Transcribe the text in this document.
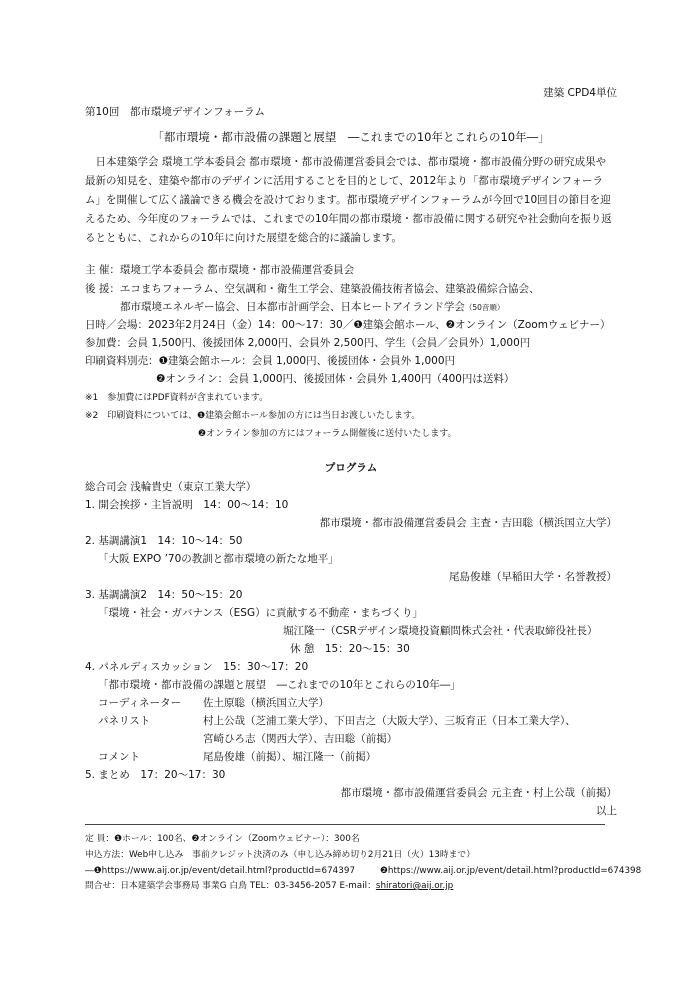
建築 CPD4単位
第10回　都市環境デザインフォーラム
「都市環境・都市設備の課題と展望　―これまでの10年とこれらの10年―」
　日本建築学会 環境工学本委員会 都市環境・都市設備運営委員会では、都市環境・都市設備分野の研究成果や
最新の知見を、建築や都市のデザインに活用することを目的として、2012年より「都市環境デザインフォーラ
ム」を開催して広く議論できる機会を設けております。都市環境デザインフォーラムが今回で10回目の節目を迎
えるため、今年度のフォーラムでは、これまでの10年間の都市環境・都市設備に関する研究や社会動向を振り返
るとともに、これからの10年に向けた展望を総合的に議論します。
主 催：環境工学本委員会 都市環境・都市設備運営委員会
後 援：エコまちフォーラム、空気調和・衛生工学会、建築設備技術者協会、建築設備綜合協会、
都市環境エネルギー協会、日本都市計画学会、日本ヒートアイランド学会（50音順）
日時／会場：2023年2月24日（金）14：00～17：30／❶建築会館ホール、❷オンライン（Zoomウェビナー）
参加費：会員 1,500円、後援団体 2,000円、会員外 2,500円、学生（会員／会員外）1,000円
印刷資料別売：❶建築会館ホール：会員 1,000円、後援団体・会員外 1,000円
❷オンライン：会員 1,000円、後援団体・会員外 1,400円（400円は送料）
※1　参加費にはPDF資料が含まれています。
※2　印刷資料については、❶建築会館ホール参加の方には当日お渡しいたします。
❷オンライン参加の方にはフォーラム開催後に送付いたします。
プログラム
総合司会 浅輪貴史（東京工業大学）
1. 開会挨拶・主旨説明　14：00～14：10
都市環境・都市設備運営委員会 主査・吉田聡（横浜国立大学）
2. 基調講演1　14：10～14：50
「大阪 EXPO ’70の教訓と都市環境の新たな地平」
尾島俊雄（早稲田大学・名誉教授）
3. 基調講演2　14：50～15：20
「環境・社会・ガバナンス（ESG）に貢献する不動産・まちづくり」
堀江隆一（CSRデザイン環境投資顧問株式会社・代表取締役社長）
休 憩　15：20～15：30
4. パネルディスカッション　15：30～17：20
「都市環境・都市設備の課題と展望　―これまでの10年とこれらの10年―」
コーディネーター 佐土原聡（横浜国立大学）
パネリスト	村上公哉（芝浦工業大学）、下田吉之（大阪大学）、三坂育正（日本工業大学）、
宮崎ひろ志（関西大学）、吉田聡（前掲）
コメント	尾島俊雄（前掲）、堀江隆一（前掲）
5. まとめ　17：20～17：30
都市環境・都市設備運営委員会 元主査・村上公哉（前掲）
以上
定 員：❶ホール：100名、❷オンライン（Zoomウェビナー）：300名
申込方法：Web申し込み　事前クレジット決済のみ（申し込み締め切り2月21日（火）13時まで）
―❶https://www.aij.or.jp/event/detail.html?productId=674397	❷https://www.aij.or.jp/event/detail.html?productId=674398
問合せ：日本建築学会事務局 事業G 白鳥 TEL：03-3456-2057 E-mail：shiratori@aij.or.jp
